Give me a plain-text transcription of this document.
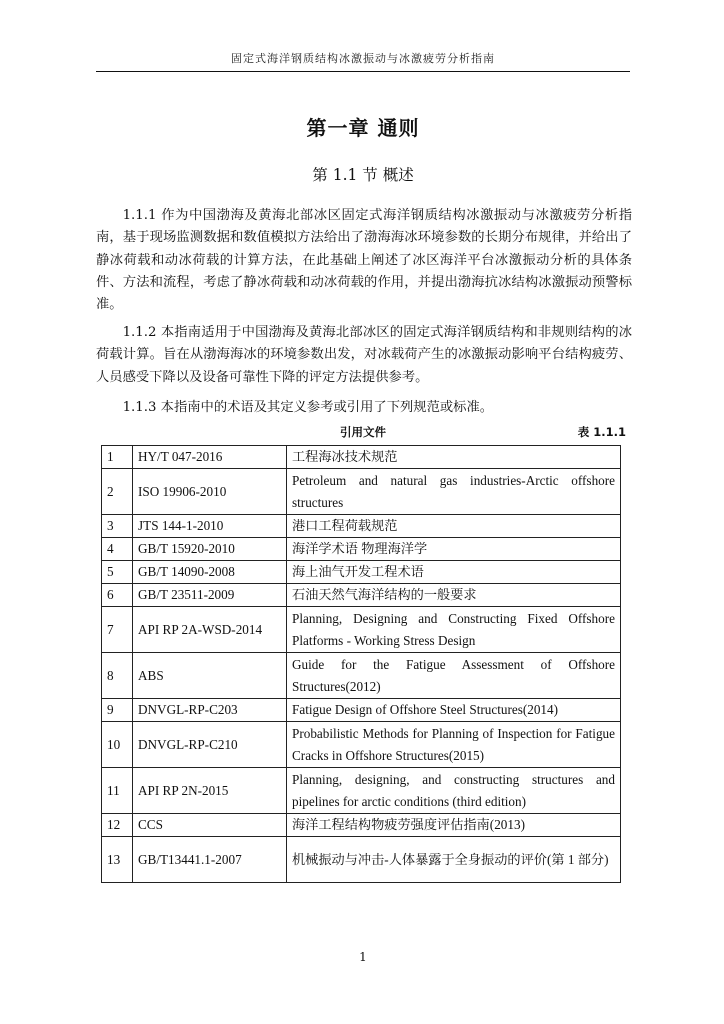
固定式海洋钢质结构冰激振动与冰激疲劳分析指南
第一章 通则
第 1.1 节 概述

1.1.1 作为中国渤海及黄海北部冰区固定式海洋钢质结构冰激振动与冰激疲劳分析指南，基于现场监测数据和数值模拟方法给出了渤海海冰环境参数的长期分布规律，并给出了静冰荷载和动冰荷载的计算方法，在此基础上阐述了冰区海洋平台冰激振动分析的具体条件、方法和流程，考虑了静冰荷载和动冰荷载的作用，并提出渤海抗冰结构冰激振动预警标准。

1.1.2 本指南适用于中国渤海及黄海北部冰区的固定式海洋钢质结构和非规则结构的冰荷载计算。旨在从渤海海冰的环境参数出发，对冰载荷产生的冰激振动影响平台结构疲劳、人员感受下降以及设备可靠性下降的评定方法提供参考。

1.1.3 本指南中的术语及其定义参考或引用了下列规范或标准。

引用文件	表 1.1.1
1	HY/T 047-2016	工程海冰技术规范
2	ISO 19906-2010	Petroleum and natural gas industries-Arctic offshore structures
3	JTS 144-1-2010	港口工程荷载规范
4	GB/T 15920-2010	海洋学术语 物理海洋学
5	GB/T 14090-2008	海上油气开发工程术语
6	GB/T 23511-2009	石油天然气海洋结构的一般要求
7	API RP 2A-WSD-2014	Planning, Designing and Constructing Fixed Offshore Platforms - Working Stress Design
8	ABS	Guide for the Fatigue Assessment of Offshore Structures(2012)
9	DNVGL-RP-C203	Fatigue Design of Offshore Steel Structures(2014)
10	DNVGL-RP-C210	Probabilistic Methods for Planning of Inspection for Fatigue Cracks in Offshore Structures(2015)
11	API RP 2N-2015	Planning, designing, and constructing structures and pipelines for arctic conditions (third edition)
12	CCS	海洋工程结构物疲劳强度评估指南(2013)
13	GB/T13441.1-2007	机械振动与冲击-人体暴露于全身振动的评价(第 1 部分)
1
